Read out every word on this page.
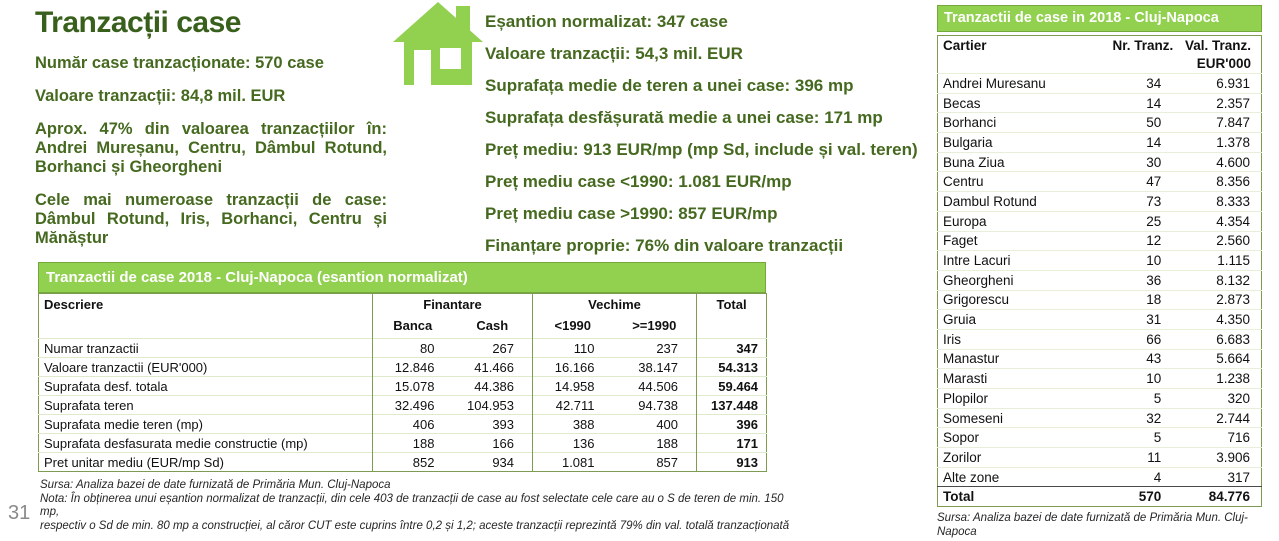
Tranzacții case
Număr case tranzacționate: 570 case
Valoare tranzacții: 84,8 mil. EUR
Aprox. 47% din valoarea tranzacțiilor în: Andrei Mureșanu, Centru, Dâmbul Rotund, Borhanci și Gheorgheni
Cele mai numeroase tranzacții de case: Dâmbul Rotund, Iris, Borhanci, Centru și Mănăștur
Eșantion normalizat: 347 case
Valoare tranzacții: 54,3 mil. EUR
Suprafața medie de teren a unei case: 396 mp
Suprafața desfășurată medie a unei case: 171 mp
Preț mediu: 913 EUR/mp (mp Sd, include și val. teren)
Preț mediu case <1990: 1.081 EUR/mp
Preț mediu case >1990: 857 EUR/mp
Finanțare proprie: 76% din valoare tranzacții
Tranzactii de case 2018 - Cluj-Napoca (esantion normalizat)
Descriere	Finantare		Vechime		Total
	Banca	Cash	<1990	>=1990	
Numar tranzactii	80	267	110	237	347
Valoare tranzactii (EUR'000)	12.846	41.466	16.166	38.147	54.313
Suprafata desf. totala	15.078	44.386	14.958	44.506	59.464
Suprafata teren	32.496	104.953	42.711	94.738	137.448
Suprafata medie teren (mp)	406	393	388	400	396
Suprafata desfasurata medie constructie (mp)	188	166	136	188	171
Pret unitar mediu (EUR/mp Sd)	852	934	1.081	857	913
Sursa: Analiza bazei de date furnizată de Primăria Mun. Cluj-Napoca
Nota: În obținerea unui eșantion normalizat de tranzacții, din cele 403 de tranzacții de case au fost selectate cele care au o S de teren de min. 150 mp,
respectiv o Sd de min. 80 mp a construcției, al căror CUT este cuprins între 0,2 și 1,2; aceste tranzacții reprezintă 79% din val. totală tranzacționată
31
Tranzactii de case in 2018 - Cluj-Napoca
Cartier	Nr. Tranz.	Val. Tranz.
		EUR'000
Andrei Muresanu	34	6.931
Becas	14	2.357
Borhanci	50	7.847
Bulgaria	14	1.378
Buna Ziua	30	4.600
Centru	47	8.356
Dambul Rotund	73	8.333
Europa	25	4.354
Faget	12	2.560
Intre Lacuri	10	1.115
Gheorgheni	36	8.132
Grigorescu	18	2.873
Gruia	31	4.350
Iris	66	6.683
Manastur	43	5.664
Marasti	10	1.238
Plopilor	5	320
Someseni	32	2.744
Sopor	5	716
Zorilor	11	3.906
Alte zone	4	317
Total	570	84.776
Sursa: Analiza bazei de date furnizată de Primăria Mun. Cluj-Napoca
